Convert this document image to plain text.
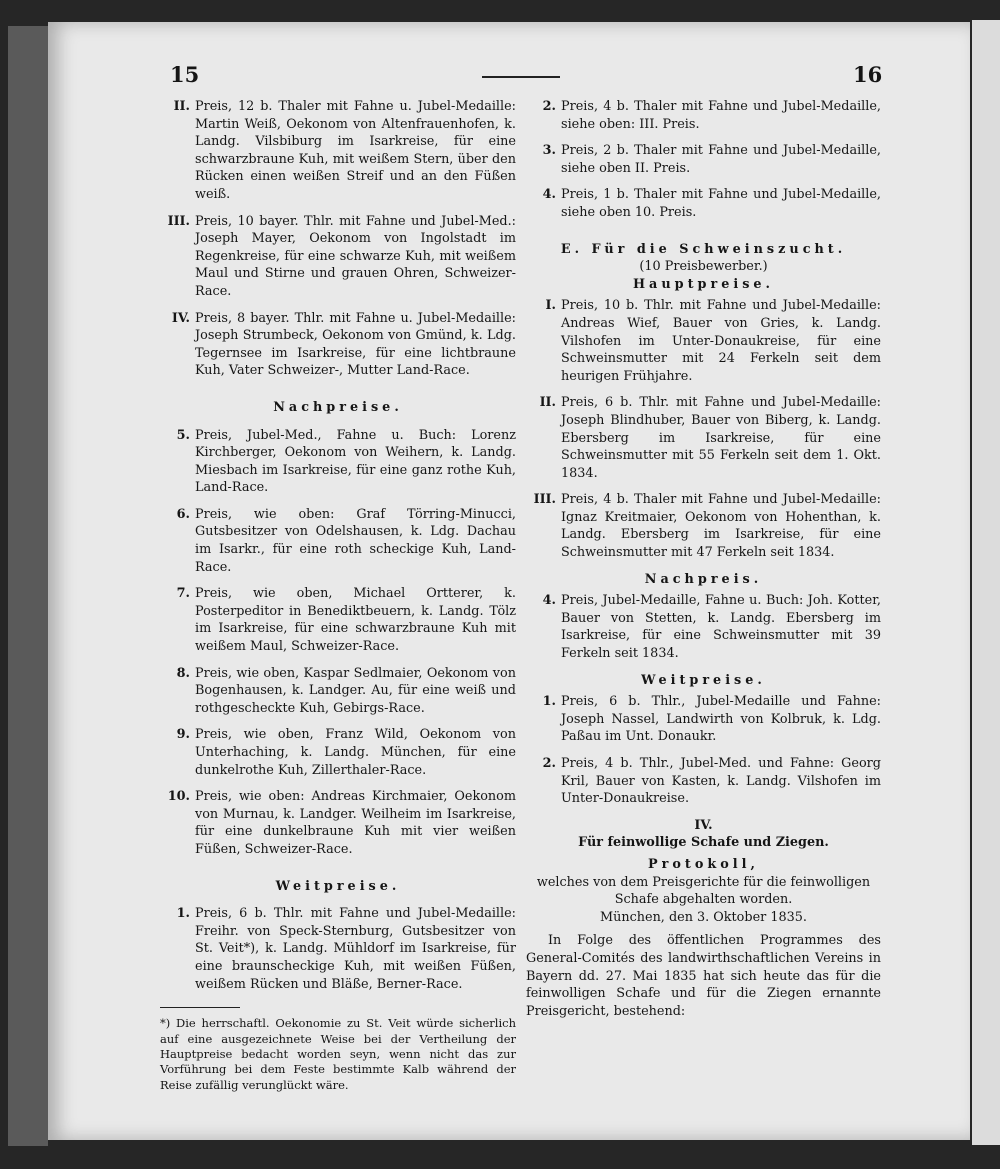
15	16
II. Preis, 12 b. Thaler mit Fahne u. Jubel-Medaille: Martin Weiß, Oekonom von Altenfrauenhofen, k. Landg. Vilsbiburg im Isarkreise, für eine schwarzbraune Kuh, mit weißem Stern, über den Rücken einen weißen Streif und an den Füßen weiß.
III. Preis, 10 bayer. Thlr. mit Fahne und Jubel-Med.: Joseph Mayer, Oekonom von Ingolstadt im Regenkreise, für eine schwarze Kuh, mit weißem Maul und Stirne und grauen Ohren, Schweizer-Race.
IV. Preis, 8 bayer. Thlr. mit Fahne u. Jubel-Medaille: Joseph Strumbeck, Oekonom von Gmünd, k. Ldg. Tegernsee im Isarkreise, für eine lichtbraune Kuh, Vater Schweizer-, Mutter Land-Race.
Nachpreise.
5. Preis, Jubel-Med., Fahne u. Buch: Lorenz Kirchberger, Oekonom von Weihern, k. Landg. Miesbach im Isarkreise, für eine ganz rothe Kuh, Land-Race.
6. Preis, wie oben: Graf Törring-Minucci, Gutsbesitzer von Odelshausen, k. Ldg. Dachau im Isarkr., für eine roth scheckige Kuh, Land-Race.
7. Preis, wie oben, Michael Ortterer, k. Posterpeditor in Benediktbeuern, k. Landg. Tölz im Isarkreise, für eine schwarzbraune Kuh mit weißem Maul, Schweizer-Race.
8. Preis, wie oben, Kaspar Sedlmaier, Oekonom von Bogenhausen, k. Landger. Au, für eine weiß und rothgescheckte Kuh, Gebirgs-Race.
9. Preis, wie oben, Franz Wild, Oekonom von Unterhaching, k. Landg. München, für eine dunkelrothe Kuh, Zillerthaler-Race.
10. Preis, wie oben: Andreas Kirchmaier, Oekonom von Murnau, k. Landger. Weilheim im Isarkreise, für eine dunkelbraune Kuh mit vier weißen Füßen, Schweizer-Race.
Weitpreise.
1. Preis, 6 b. Thlr. mit Fahne und Jubel-Medaille: Freihr. von Speck-Sternburg, Gutsbesitzer von St. Veit*), k. Landg. Mühldorf im Isarkreise, für eine braunscheckige Kuh, mit weißen Füßen, weißem Rücken und Bläße, Berner-Race.
*) Die herrschaftl. Oekonomie zu St. Veit würde sicherlich auf eine ausgezeichnete Weise bei der Vertheilung der Hauptpreise bedacht worden seyn, wenn nicht das zur Vorführung bei dem Feste bestimmte Kalb während der Reise zufällig verunglückt wäre.
2. Preis, 4 b. Thaler mit Fahne und Jubel-Medaille, siehe oben: III. Preis.
3. Preis, 2 b. Thaler mit Fahne und Jubel-Medaille, siehe oben II. Preis.
4. Preis, 1 b. Thaler mit Fahne und Jubel-Medaille, siehe oben 10. Preis.
E. Für die Schweinszucht.
(10 Preisbewerber.)
Hauptpreise.
I. Preis, 10 b. Thlr. mit Fahne und Jubel-Medaille: Andreas Wief, Bauer von Gries, k. Landg. Vilshofen im Unter-Donaukreise, für eine Schweinsmutter mit 24 Ferkeln seit dem heurigen Frühjahre.
II. Preis, 6 b. Thlr. mit Fahne und Jubel-Medaille: Joseph Blindhuber, Bauer von Biberg, k. Landg. Ebersberg im Isarkreise, für eine Schweinsmutter mit 55 Ferkeln seit dem 1. Okt. 1834.
III. Preis, 4 b. Thaler mit Fahne und Jubel-Medaille: Ignaz Kreitmaier, Oekonom von Hohenthan, k. Landg. Ebersberg im Isarkreise, für eine Schweinsmutter mit 47 Ferkeln seit 1834.
Nachpreis.
4. Preis, Jubel-Medaille, Fahne u. Buch: Joh. Kotter, Bauer von Stetten, k. Landg. Ebersberg im Isarkreise, für eine Schweinsmutter mit 39 Ferkeln seit 1834.
Weitpreise.
1. Preis, 6 b. Thlr., Jubel-Medaille und Fahne: Joseph Nassel, Landwirth von Kolbruk, k. Ldg. Paßau im Unt. Donaukr.
2. Preis, 4 b. Thlr., Jubel-Med. und Fahne: Georg Kril, Bauer von Kasten, k. Landg. Vilshofen im Unter-Donaukreise.
IV.
Für feinwollige Schafe und Ziegen.
Protokoll,
welches von dem Preisgerichte für die feinwolligen Schafe abgehalten worden.
München, den 3. Oktober 1835.
In Folge des öffentlichen Programmes des General-Comités des landwirthschaftlichen Vereins in Bayern dd. 27. Mai 1835 hat sich heute das für die feinwolligen Schafe und für die Ziegen ernannte Preisgericht, bestehend:
